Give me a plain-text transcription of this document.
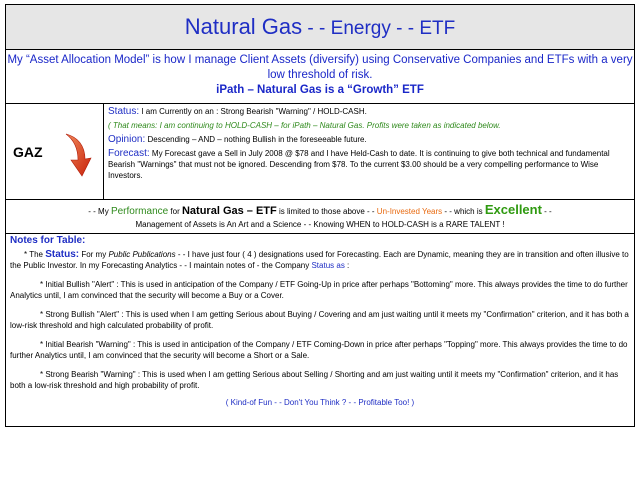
Natural Gas - - Energy - - ETF
My “Asset Allocation Model” is how I manage Client Assets (diversify) using Conservative Companies and ETFs with a very low threshold of risk.
iPath – Natural Gas is a “Growth” ETF
GAZ

Status: I am Currently on an : Strong Bearish "Warning" / HOLD-CASH.

( That means: I am continuing to HOLD-CASH – for iPath – Natural Gas. Profits were taken as indicated below.

Opinion: Descending – AND – nothing Bullish in the foreseeable future.

Forecast: My Forecast gave a Sell in July 2008 @ $78 and I have Held-Cash to date. It is continuing to give both technical and fundamental Bearish "Warnings" that must not be ignored. Descending from $78. To the current $3.00 should be a very compelling performance to Wise Investors.

- - My Performance for Natural Gas – ETF is limited to those above - - Un-Invested Years - - which is Excellent - -
Management of Assets is An Art and a Science - - Knowing WHEN to HOLD-CASH is a RARE TALENT !
Notes for Table:

* The Status: For my Public Publications - - I have just four ( 4 ) designations used for Forecasting. Each are Dynamic, meaning they are in transition and often illusive to the Public Investor. In my Forecasting Analytics - - I maintain notes of - the Company Status as :

* Initial Bullish "Alert" : This is used in anticipation of the Company / ETF Going-Up in price after perhaps "Bottoming" more. This always provides the time to do further Analytics until, I am convinced that the security will become a Buy or a Cover.

* Strong Bullish "Alert" : This is used when I am getting Serious about Buying / Covering and am just waiting until it meets my "Confirmation" criterion, and it has both a low-risk threshold and high calculated probability of profit.

* Initial Bearish "Warning" : This is used in anticipation of the Company / ETF Coming-Down in price after perhaps "Topping" more. This always provides the time to do further Analytics until, I am convinced that the security will become a Short or a Sale.

* Strong Bearish "Warning" : This is used when I am getting Serious about Selling / Shorting and am just waiting until it meets my "Confirmation" criterion, and it has both a low-risk threshold and high probability of profit.

( Kind-of Fun - - Don't You Think ? - - Profitable Too! )
